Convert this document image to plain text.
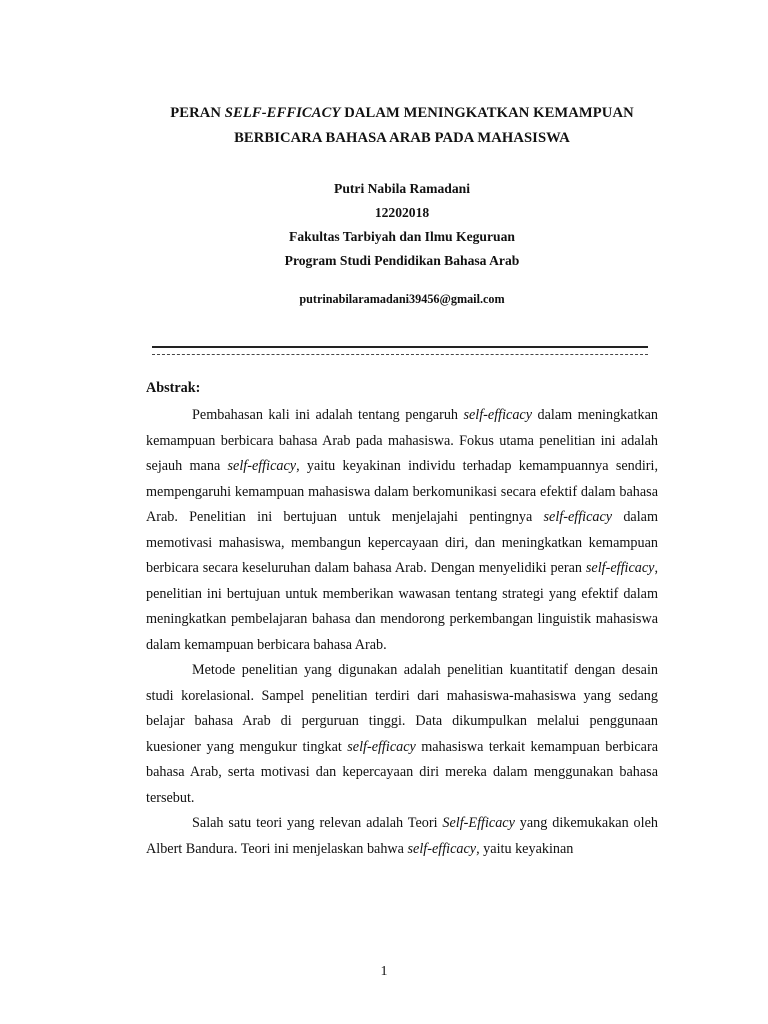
PERAN SELF-EFFICACY DALAM MENINGKATKAN KEMAMPUAN
BERBICARA BAHASA ARAB PADA MAHASISWA
Putri Nabila Ramadani
12202018
Fakultas Tarbiyah dan Ilmu Keguruan
Program Studi Pendidikan Bahasa Arab
putrinabilaramadani39456@gmail.com
Abstrak:

Pembahasan kali ini adalah tentang pengaruh self-efficacy dalam meningkatkan kemampuan berbicara bahasa Arab pada mahasiswa. Fokus utama penelitian ini adalah sejauh mana self-efficacy, yaitu keyakinan individu terhadap kemampuannya sendiri, mempengaruhi kemampuan mahasiswa dalam berkomunikasi secara efektif dalam bahasa Arab. Penelitian ini bertujuan untuk menjelajahi pentingnya self-efficacy dalam memotivasi mahasiswa, membangun kepercayaan diri, dan meningkatkan kemampuan berbicara secara keseluruhan dalam bahasa Arab. Dengan menyelidiki peran self-efficacy, penelitian ini bertujuan untuk memberikan wawasan tentang strategi yang efektif dalam meningkatkan pembelajaran bahasa dan mendorong perkembangan linguistik mahasiswa dalam kemampuan berbicara bahasa Arab.

Metode penelitian yang digunakan adalah penelitian kuantitatif dengan desain studi korelasional. Sampel penelitian terdiri dari mahasiswa-mahasiswa yang sedang belajar bahasa Arab di perguruan tinggi. Data dikumpulkan melalui penggunaan kuesioner yang mengukur tingkat self-efficacy mahasiswa terkait kemampuan berbicara bahasa Arab, serta motivasi dan kepercayaan diri mereka dalam menggunakan bahasa tersebut.

Salah satu teori yang relevan adalah Teori Self-Efficacy yang dikemukakan oleh Albert Bandura. Teori ini menjelaskan bahwa self-efficacy, yaitu keyakinan

1
